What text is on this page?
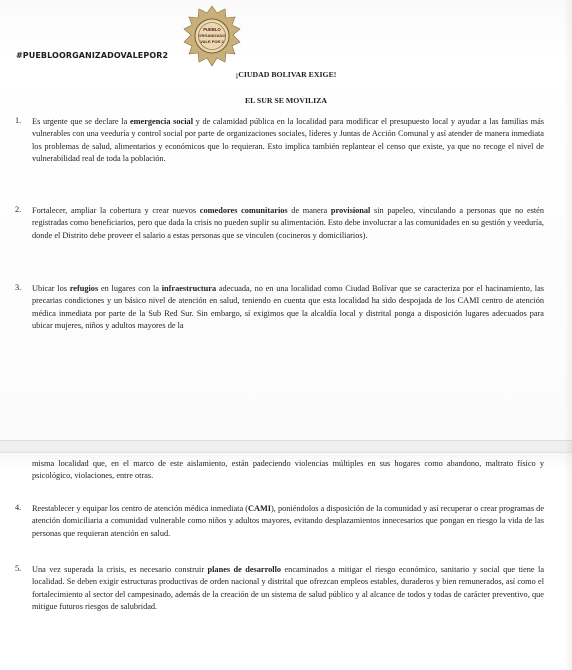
PUEBLO
ORGANIZADO
VALE POR 2
#PUEBLOORGANIZADOVALEPOR2
¡CIUDAD BOLIVAR EXIGE!
EL SUR SE MOVILIZA
1. Es urgente que se declare la emergencia social y de calamidad pública en la localidad para modificar el presupuesto local y ayudar a las familias más vulnerables con una veeduría y control social por parte de organizaciones sociales, líderes y Juntas de Acción Comunal y así atender de manera inmediata los problemas de salud, alimentarios y económicos que lo requieran. Esto implica también replantear el censo que existe, ya que no recoge el nivel de vulnerabilidad real de toda la población.
2. Fortalecer, ampliar la cobertura y crear nuevos comedores comunitarios de manera provisional sin papeleo, vinculando a personas que no estén registradas como beneficiarios, pero que dada la crisis no pueden suplir su alimentación. Esto debe involucrar a las comunidades en su gestión y veeduría, donde el Distrito debe proveer el salario a estas personas que se vinculen (cocineros y domiciliarios).
3. Ubicar los refugios en lugares con la infraestructura adecuada, no en una localidad como Ciudad Bolívar que se caracteriza por el hacinamiento, las precarias condiciones y un básico nivel de atención en salud, teniendo en cuenta que esta localidad ha sido despojada de los CAMI centro de atención médica inmediata por parte de la Sub Red Sur. Sin embargo, sí exigimos que la alcaldía local y distrital ponga a disposición lugares adecuados para ubicar mujeres, niños y adultos mayores de la
misma localidad que, en el marco de este aislamiento, están padeciendo violencias múltiples en sus hogares como abandono, maltrato físico y psicológico, violaciones, entre otras.
4. Reestablecer y equipar los centro de atención médica inmediata (CAMI), poniéndolos a disposición de la comunidad y así recuperar o crear programas de atención domiciliaria a comunidad vulnerable como niños y adultos mayores, evitando desplazamientos innecesarios que pongan en riesgo la vida de las personas que requieran atención en salud.
5. Una vez superada la crisis, es necesario construir planes de desarrollo encaminados a mitigar el riesgo económico, sanitario y social que tiene la localidad. Se deben exigir estructuras productivas de orden nacional y distrital que ofrezcan empleos estables, duraderos y bien remunerados, así como el fortalecimiento al sector del campesinado, además de la creación de un sistema de salud público y al alcance de todos y todas de carácter preventivo, que mitigue futuros riesgos de salubridad.
